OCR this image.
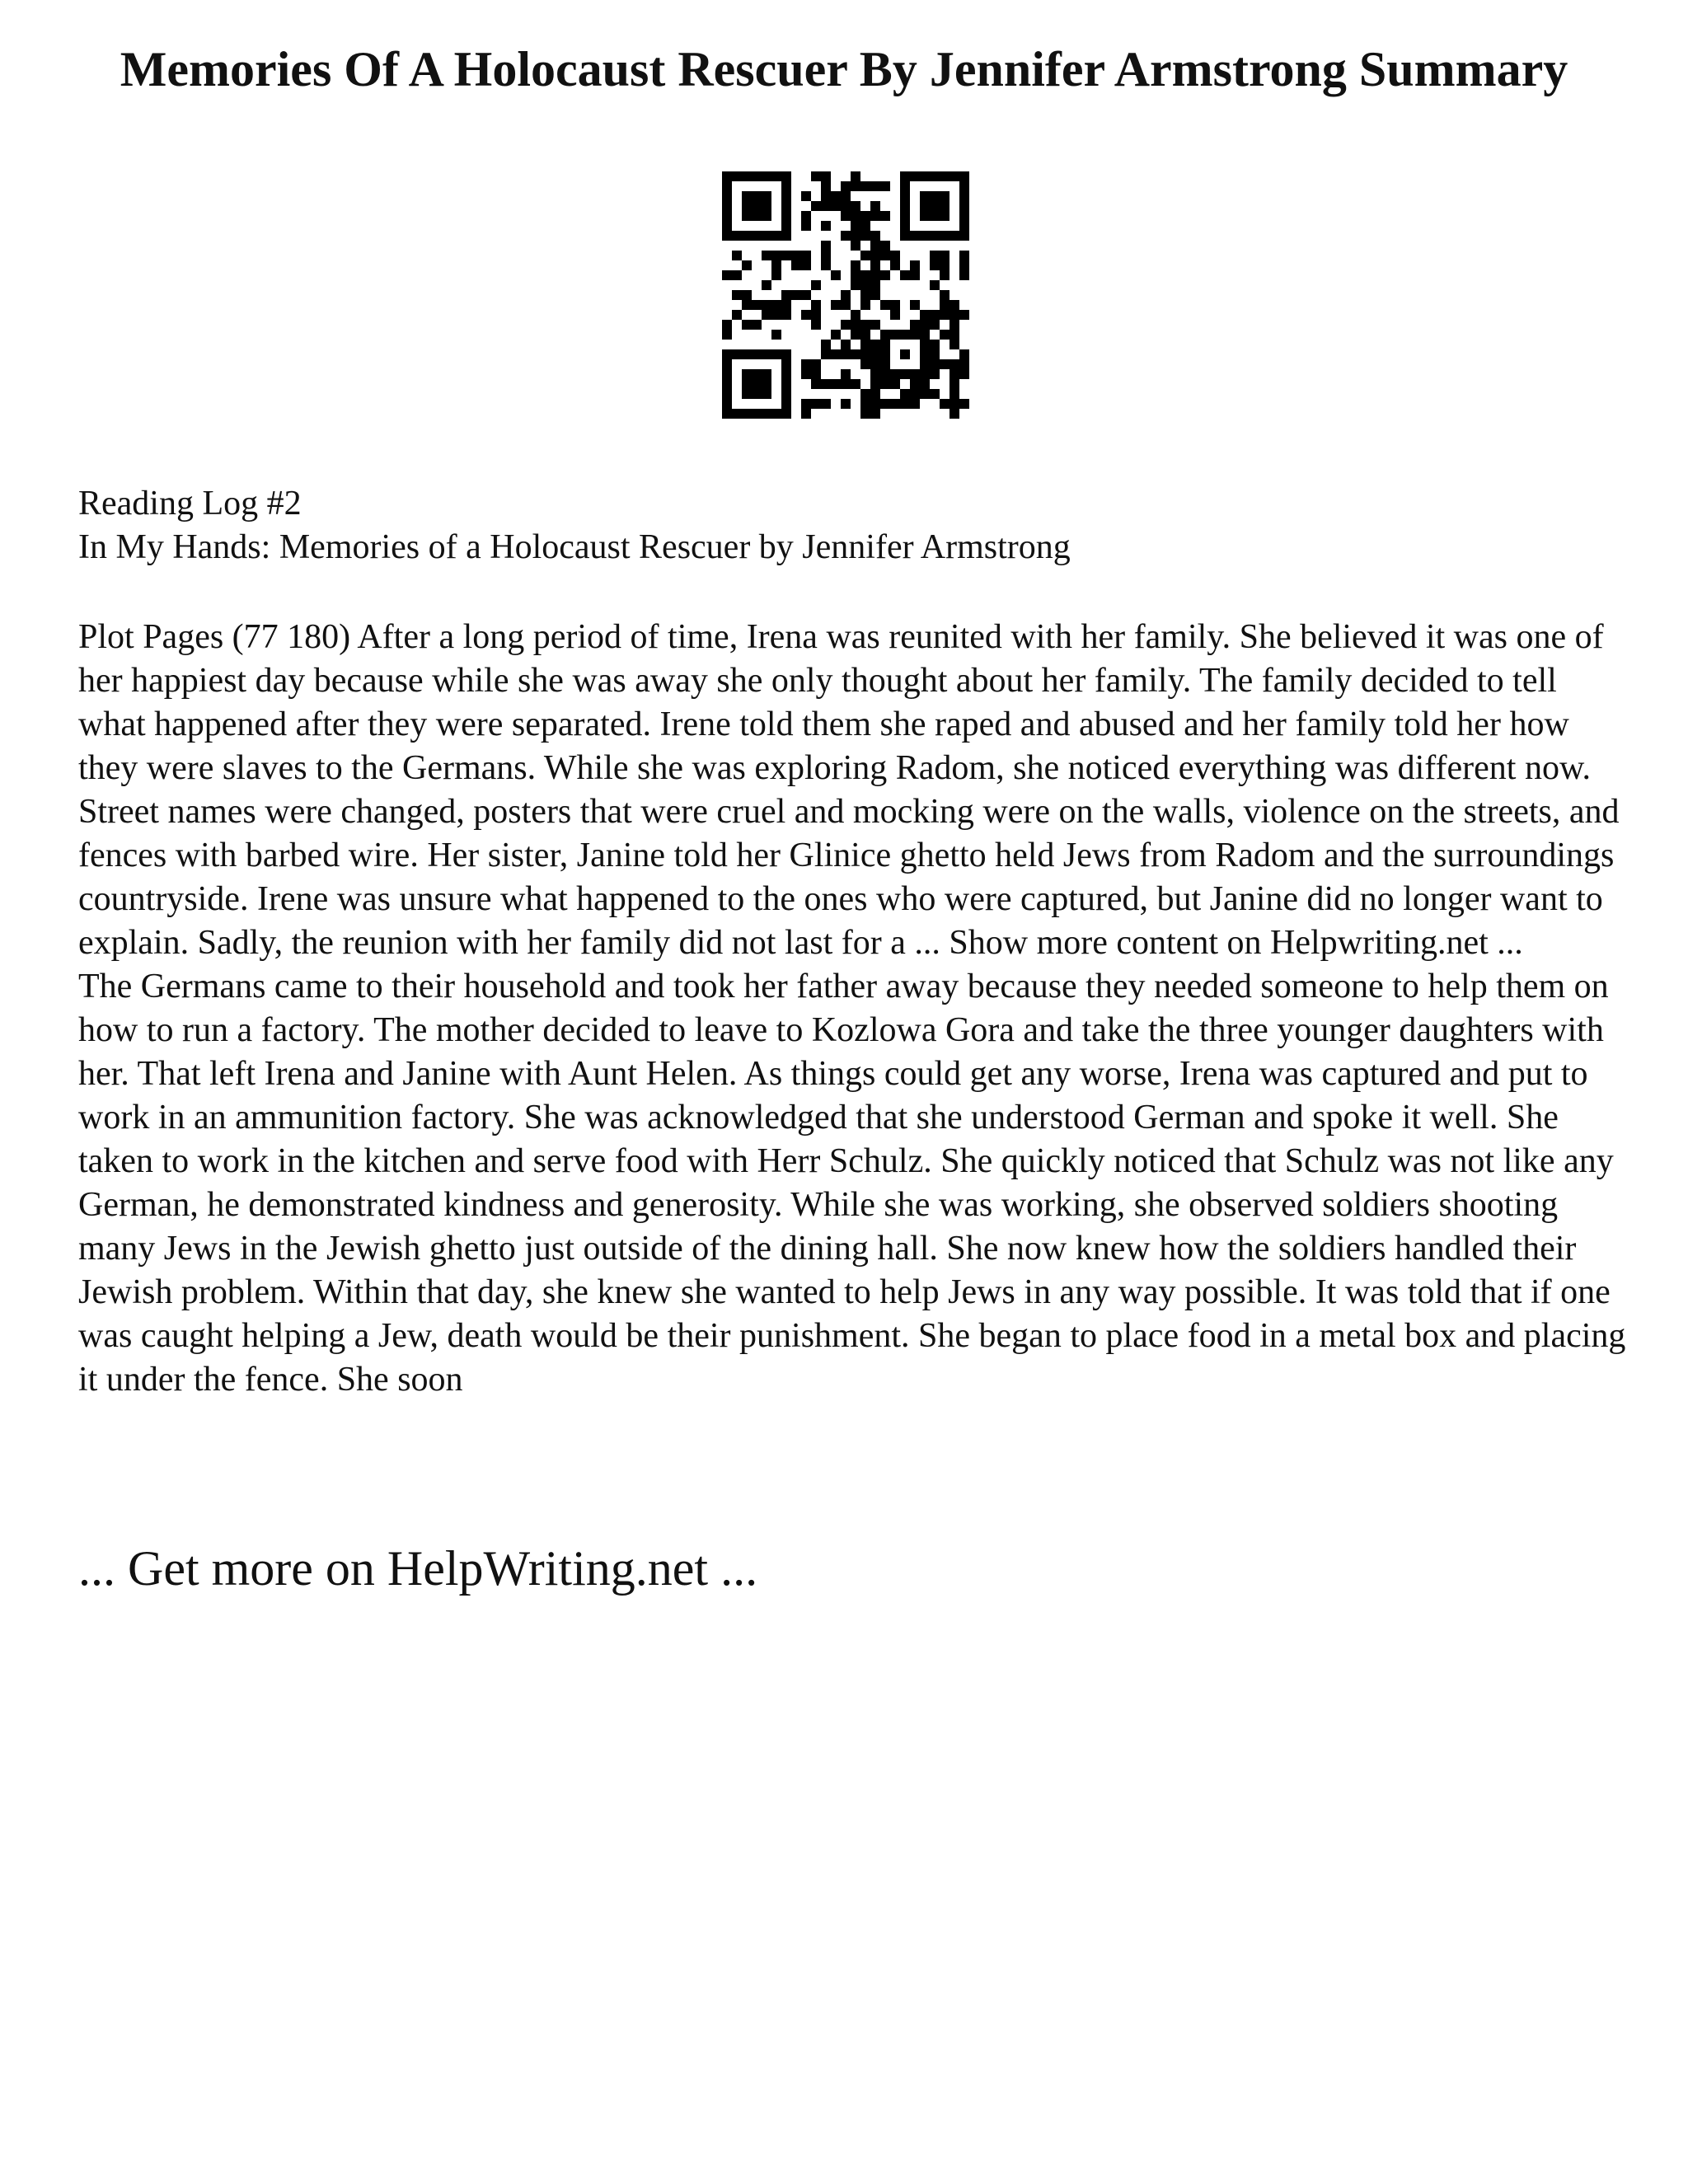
Memories Of A Holocaust Rescuer By Jennifer Armstrong Summary
Reading Log #2
In My Hands: Memories of a Holocaust Rescuer by Jennifer Armstrong

Plot Pages (77 180) After a long period of time, Irena was reunited with her family. She believed it was one of her happiest day because while she was away she only thought about her family. The family decided to tell what happened after they were separated. Irene told them she raped and abused and her family told her how they were slaves to the Germans. While she was exploring Radom, she noticed everything was different now. Street names were changed, posters that were cruel and mocking were on the walls, violence on the streets, and fences with barbed wire. Her sister, Janine told her Glinice ghetto held Jews from Radom and the surroundings countryside. Irene was unsure what happened to the ones who were captured, but Janine did no longer want to explain. Sadly, the reunion with her family did not last for a ... Show more content on Helpwriting.net ...

The Germans came to their household and took her father away because they needed someone to help them on how to run a factory. The mother decided to leave to Kozlowa Gora and take the three younger daughters with her. That left Irena and Janine with Aunt Helen. As things could get any worse, Irena was captured and put to work in an ammunition factory. She was acknowledged that she understood German and spoke it well. She taken to work in the kitchen and serve food with Herr Schulz. She quickly noticed that Schulz was not like any German, he demonstrated kindness and generosity. While she was working, she observed soldiers shooting many Jews in the Jewish ghetto just outside of the dining hall. She now knew how the soldiers handled their Jewish problem. Within that day, she knew she wanted to help Jews in any way possible. It was told that if one was caught helping a Jew, death would be their punishment. She began to place food in a metal box and placing it under the fence. She soon

... Get more on HelpWriting.net ...
